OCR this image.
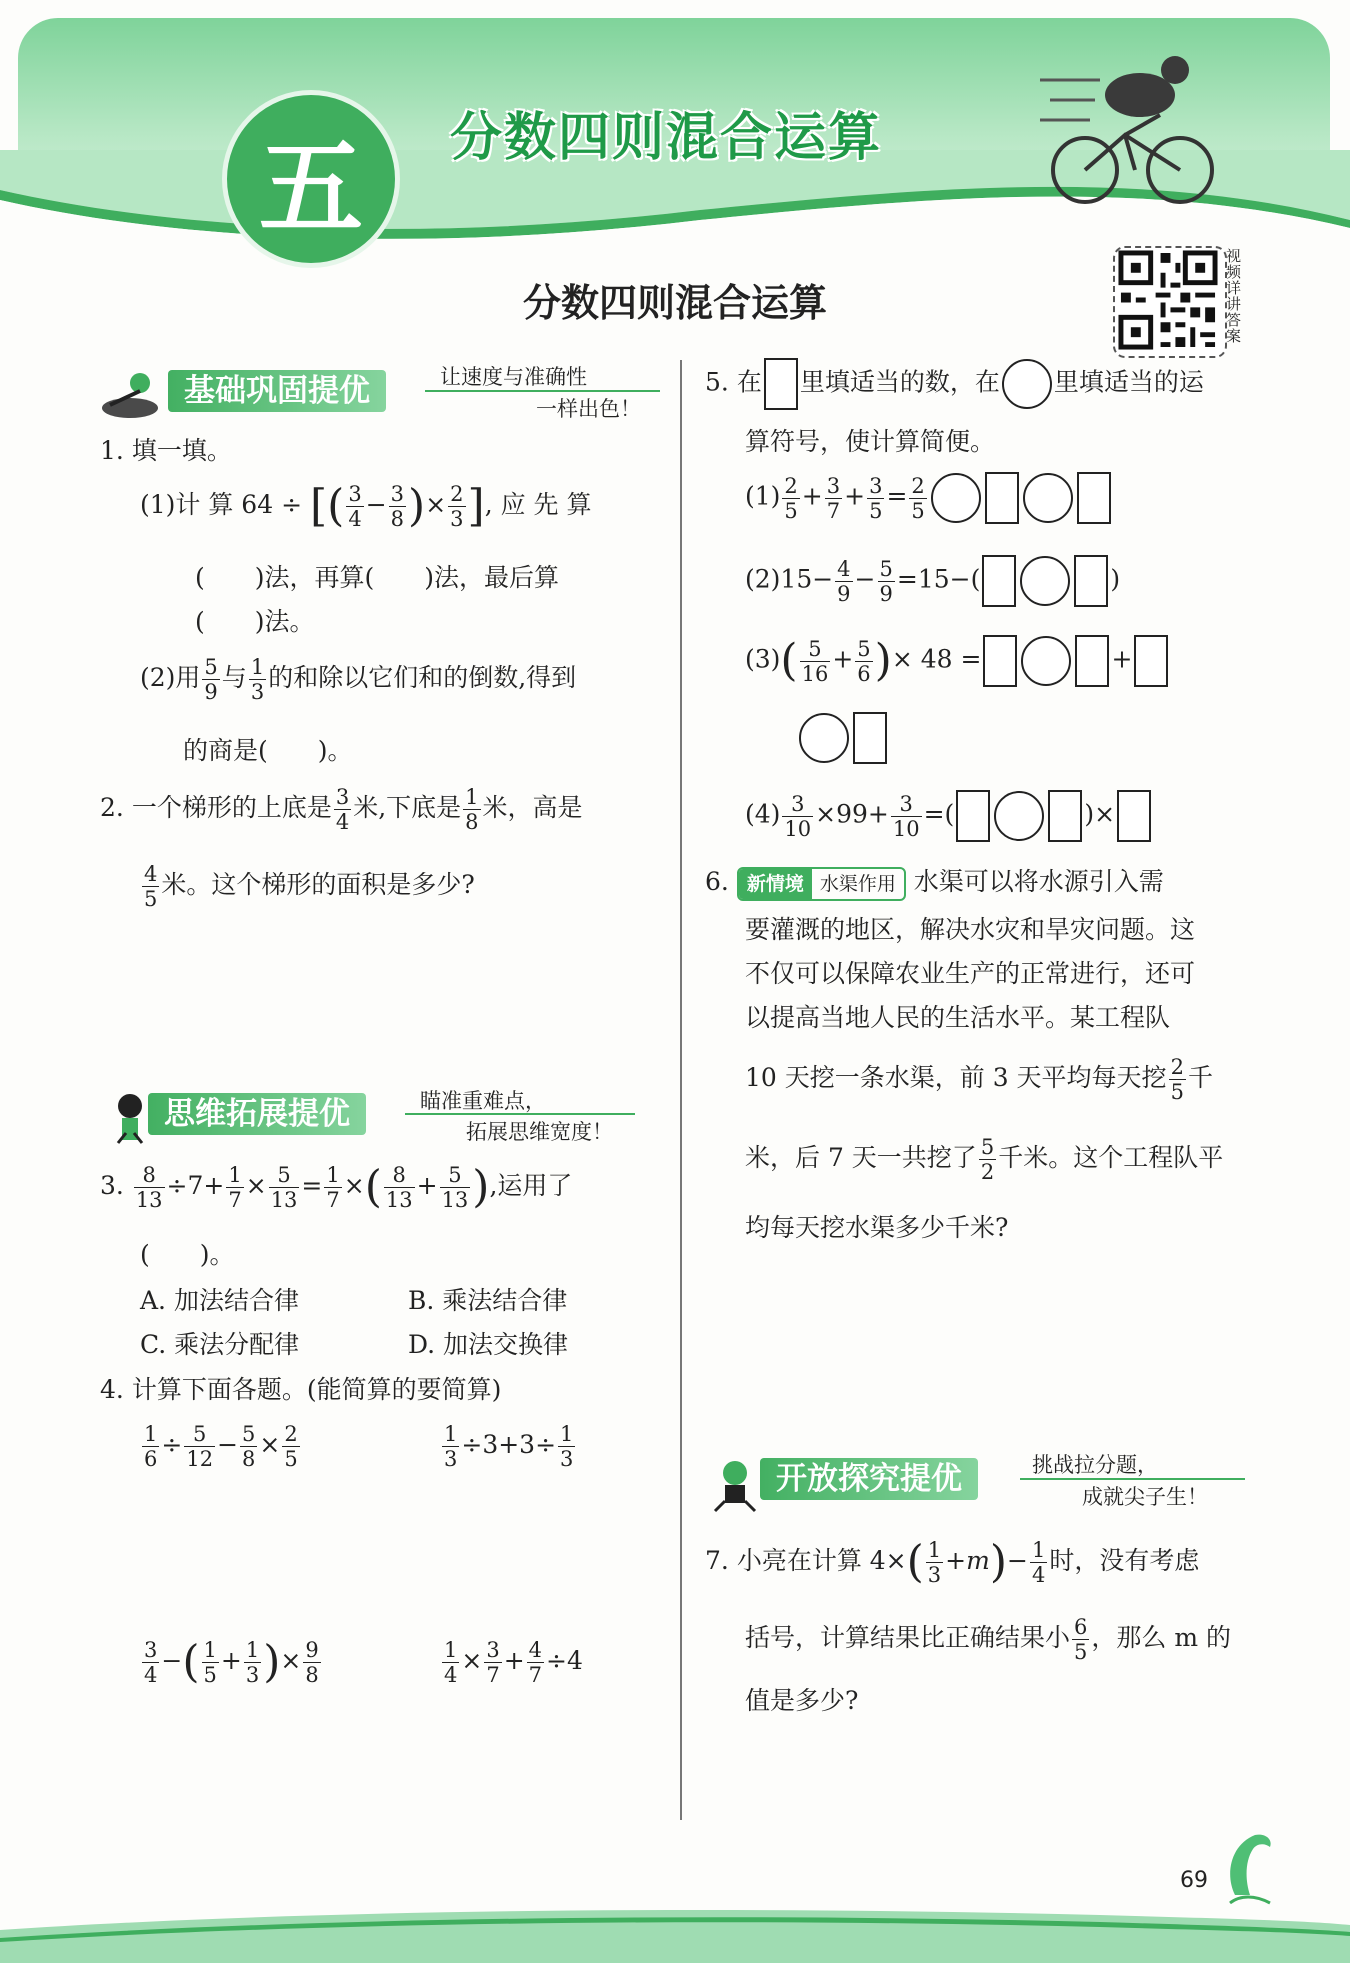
五	分数四则混合运算
视频详讲答案
分数四则混合运算
基础巩固提优	让速度与准确性
一样出色！
1. 填一填。
(1)计 算 64 ÷ [( $\frac{3}{4} - \frac{3}{8}$ )× $\frac{2}{3}$ ], 应 先 算
(　　)法，再算(　　)法，最后算
(　　)法。
(2)用 $\frac{5}{9}$ 与 $\frac{1}{3}$ 的和除以它们和的倒数,得到
的商是(　　)。
2. 一个梯形的上底是 $\frac{3}{4}$ 米,下底是 $\frac{1}{8}$ 米，高是
$\frac{4}{5}$ 米。这个梯形的面积是多少?
思维拓展提优	瞄准重难点，
拓展思维宽度！
3. $\frac{8}{13} \div 7+ \frac{1}{7} \times \frac{5}{13} = \frac{1}{7}$ ×( $\frac{8}{13} + \frac{5}{13}$ ),运用了
(　　)。
A. 加法结合律	B. 乘法结合律
C. 乘法分配律	D. 加法交换律
4. 计算下面各题。(能简算的要简算)
$\frac{1}{6} \div \frac{5}{12} - \frac{5}{8} \times \frac{2}{5}$	$\frac{1}{3} \div 3+3\div \frac{1}{3}$
$\frac{3}{4}$ −( $\frac{1}{5} + \frac{1}{3}$ )× $\frac{9}{8}$	$\frac{1}{4} \times \frac{3}{7} + \frac{4}{7} \div 4$
5. 在 里填适当的数，在 里填适当的运
算符号，使计算简便。
$(1) \frac{2}{5} + \frac{3}{7} + \frac{3}{5} = \frac{2}{5}$
$(2)15- \frac{4}{9} - \frac{5}{9} =15-$(	)
$(3)( \frac{5}{16} + \frac{5}{6}$ )× 48 =	+
$(4) \frac{3}{10} \times 99+ \frac{3}{10}$ =(	)×
6. 新情境 水渠作用 水渠可以将水源引入需
要灌溉的地区，解决水灾和旱灾问题。这
不仅可以保障农业生产的正常进行，还可
以提高当地人民的生活水平。某工程队
10 天挖一条水渠，前 3 天平均每天挖 $\frac{2}{5}$ 千
米，后 7 天一共挖了 $\frac{5}{2}$ 千米。这个工程队平
均每天挖水渠多少千米?
开放探究提优	挑战拉分题，
成就尖子生！
7. 小亮在计算 $4\times( \frac{1}{3} +m)- \frac{1}{4}$ 时，没有考虑
括号，计算结果比正确结果小 $\frac{6}{5}$ ，那么 m 的
值是多少?
69
